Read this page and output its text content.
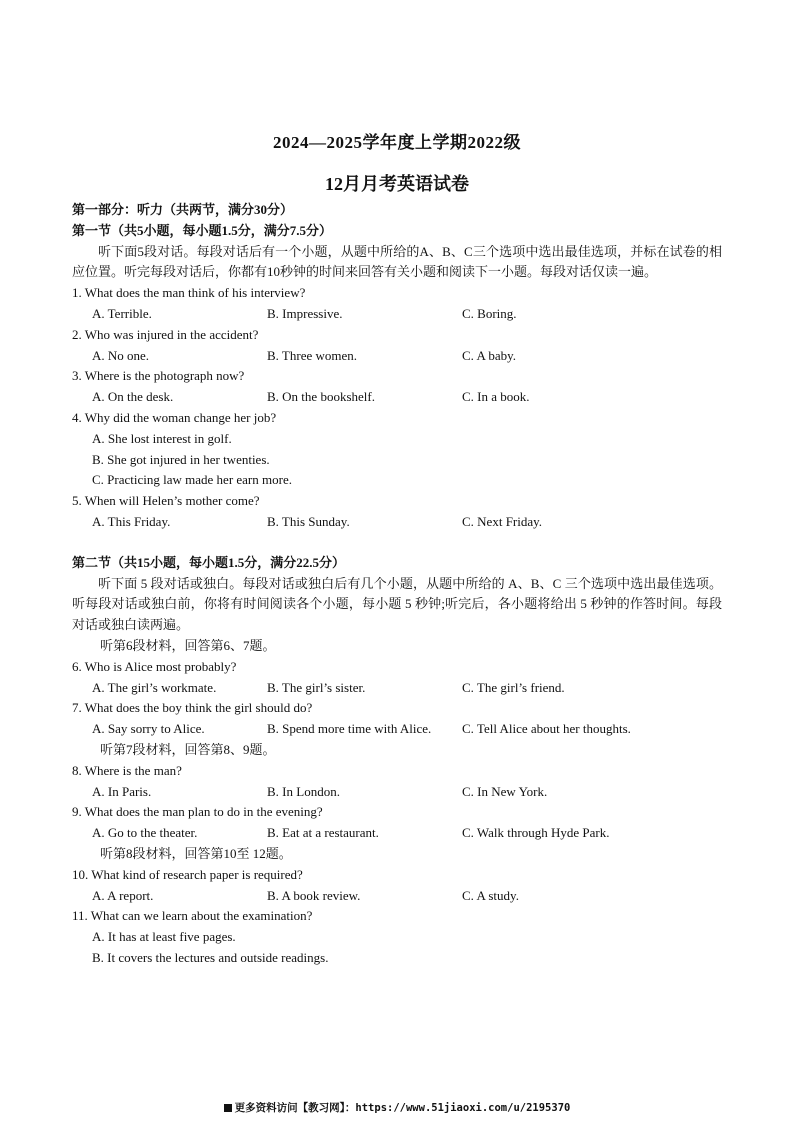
2024—2025学年度上学期2022级
12月月考英语试卷
第一部分：听力（共两节，满分30分）
第一节（共5小题，每小题1.5分，满分7.5分）
听下面5段对话。每段对话后有一个小题，从题中所给的A、B、C三个选项中选出最佳选项，并标在试卷的相应位置。听完每段对话后，你都有10秒钟的时间来回答有关小题和阅读下一小题。每段对话仅读一遍。
1. What does the man think of his interview?
A. Terrible.	B. Impressive.	C. Boring.
2. Who was injured in the accident?
A. No one.	B. Three women.	C. A baby.
3. Where is the photograph now?
A. On the desk.	B. On the bookshelf.	C. In a book.
4. Why did the woman change her job?
A. She lost interest in golf.
B. She got injured in her twenties.
C. Practicing law made her earn more.
5. When will Helen’s mother come?
A. This Friday.	B. This Sunday.	C. Next Friday.
第二节（共15小题，每小题1.5分，满分22.5分）
听下面 5 段对话或独白。每段对话或独白后有几个小题，从题中所给的 A、B、C 三个选项中选出最佳选项。听每段对话或独白前，你将有时间阅读各个小题，每小题 5 秒钟;听完后，各小题将给出 5 秒钟的作答时间。每段对话或独白读两遍。
听第6段材料，回答第6、7题。
6. Who is Alice most probably?
A. The girl’s workmate.	B. The girl’s sister.	C. The girl’s friend.
7. What does the boy think the girl should do?
A. Say sorry to Alice.	B. Spend more time with Alice.	C. Tell Alice about her thoughts.
听第7段材料，回答第8、9题。
8. Where is the man?
A. In Paris.	B. In London.	C. In New York.
9. What does the man plan to do in the evening?
A. Go to the theater.	B. Eat at a restaurant.	C. Walk through Hyde Park.
听第8段材料，回答第10至 12题。
10. What kind of research paper is required?
A. A report.	B. A book review.	C. A study.
11. What can we learn about the examination?
A. It has at least five pages.
B. It covers the lectures and outside readings.
更多资料访问【教习网】：https://www.51jiaoxi.com/u/2195370
